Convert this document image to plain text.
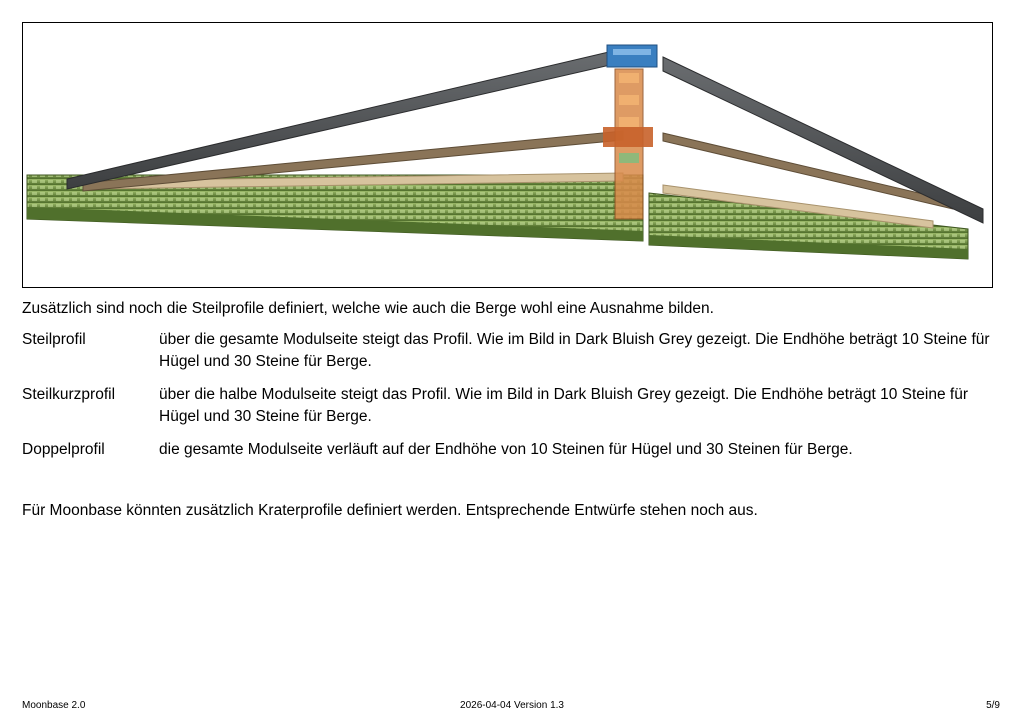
Zusätzlich sind noch die Steilprofile definiert, welche wie auch die Berge wohl eine Ausnahme bilden.
Steilprofil	über die gesamte Modulseite steigt das Profil. Wie im Bild in Dark Bluish Grey gezeigt. Die Endhöhe beträgt 10 Steine für Hügel und 30 Steine für Berge.
Steilkurzprofil	über die halbe Modulseite steigt das Profil. Wie im Bild in Dark Bluish Grey gezeigt. Die Endhöhe beträgt 10 Steine für Hügel und 30 Steine für Berge.
Doppelprofil	die gesamte Modulseite verläuft auf der Endhöhe von 10 Steinen für Hügel und 30 Steinen für Berge.
Für Moonbase könnten zusätzlich Kraterprofile definiert werden. Entsprechende Entwürfe stehen noch aus.
Moonbase 2.0	2026-04-04 Version 1.3	5/9
